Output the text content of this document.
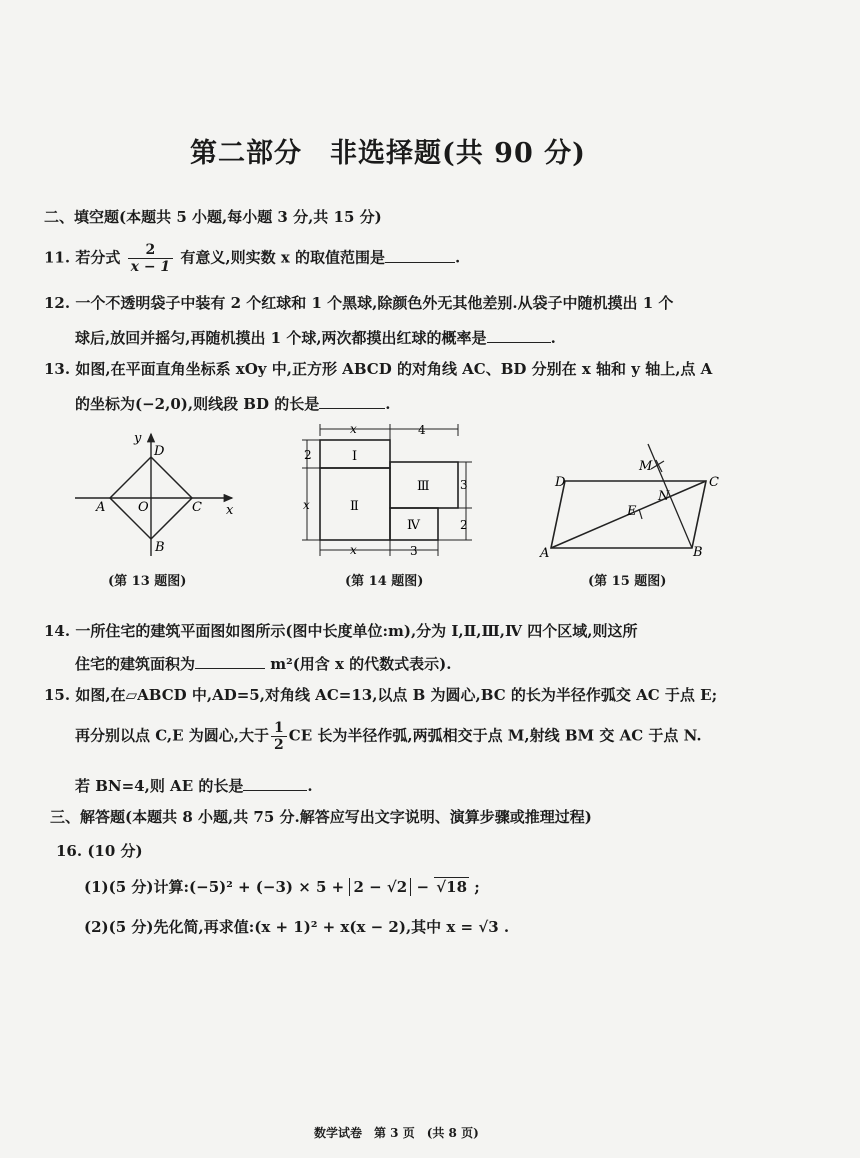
第二部分　非选择题(共 90 分)
二、填空题(本题共 5 小题,每小题 3 分,共 15 分)
11. 若分式 $\frac{2}{x - 1}$ 有意义,则实数 x 的取值范围是	.
12. 一个不透明袋子中装有 2 个红球和 1 个黑球,除颜色外无其他差别.从袋子中随机摸出 1 个
球后,放回并摇匀,再随机摸出 1 个球,两次都摸出红球的概率是	.
13. 如图,在平面直角坐标系 xOy 中,正方形 ABCD 的对角线 AC、BD 分别在 x 轴和 y 轴上,点 A
的坐标为(−2,0),则线段 BD 的长是	.
y
x
D
A	O	C
B
(第 13 题图)
x	4
2
x
Ⅰ
Ⅱ
Ⅲ
Ⅳ
3
2
x	3
(第 14 题图)
M
N
E
D	C
A	B
(第 15 题图)
14. 一所住宅的建筑平面图如图所示(图中长度单位:m),分为 Ⅰ,Ⅱ,Ⅲ,Ⅳ 四个区域,则这所
住宅的建筑面积为	m²(用含 x 的代数式表示).
15. 如图,在▱ABCD 中,AD=5,对角线 AC=13,以点 B 为圆心,BC 的长为半径作弧交 AC 于点 E;
再分别以点 C,E 为圆心,大于 $\frac{1}{2}$ CE 长为半径作弧,两弧相交于点 M,射线 BM 交 AC 于点 N.
若 BN=4,则 AE 的长是	.
三、解答题(本题共 8 小题,共 75 分.解答应写出文字说明、演算步骤或推理过程)
16. (10 分)
(1)(5 分)计算:(−5)² + (−3) × 5 + 2 − √2 − √18 ;
(2)(5 分)先化简,再求值:(x + 1)² + x(x − 2),其中 x = √3 .
数学试卷　第 3 页　(共 8 页)
